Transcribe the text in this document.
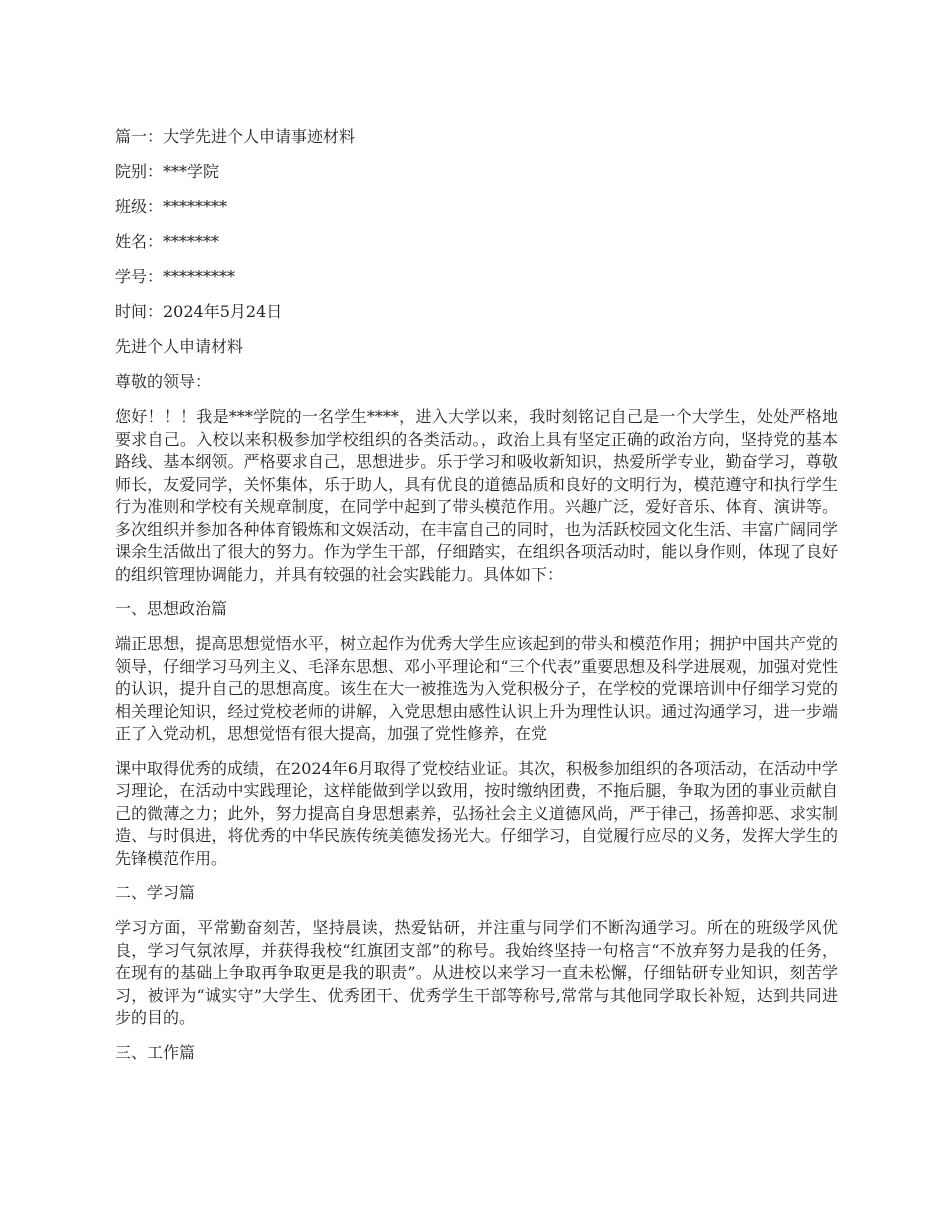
篇一：大学先进个人申请事迹材料
院别：***学院
班级：********
姓名：*******
学号：*********
时间：2024年5月24日
先进个人申请材料
尊敬的领导：
您好！！！我是***学院的一名学生****，进入大学以来，我时刻铭记自己是一个大学生，处处严格地要求自己。入校以来积极参加学校组织的各类活动。，政治上具有坚定正确的政治方向，坚持党的基本路线、基本纲领。严格要求自己，思想进步。乐于学习和吸收新知识，热爱所学专业，勤奋学习，尊敬师长，友爱同学，关怀集体，乐于助人，具有优良的道德品质和良好的文明行为，模范遵守和执行学生行为准则和学校有关规章制度，在同学中起到了带头模范作用。兴趣广泛，爱好音乐、体育、演讲等。多次组织并参加各种体育锻炼和文娱活动，在丰富自己的同时，也为活跃校园文化生活、丰富广阔同学课余生活做出了很大的努力。作为学生干部，仔细踏实，在组织各项活动时，能以身作则，体现了良好的组织管理协调能力，并具有较强的社会实践能力。具体如下：
一、思想政治篇
端正思想，提高思想觉悟水平，树立起作为优秀大学生应该起到的带头和模范作用；拥护中国共产党的领导，仔细学习马列主义、毛泽东思想、邓小平理论和“三个代表”重要思想及科学进展观，加强对党性的认识，提升自己的思想高度。该生在大一被推选为入党积极分子，在学校的党课培训中仔细学习党的相关理论知识，经过党校老师的讲解，入党思想由感性认识上升为理性认识。通过沟通学习，进一步端正了入党动机，思想觉悟有很大提高，加强了党性修养，在党
课中取得优秀的成绩，在2024年6月取得了党校结业证。其次，积极参加组织的各项活动，在活动中学习理论，在活动中实践理论，这样能做到学以致用，按时缴纳团费，不拖后腿，争取为团的事业贡献自己的微薄之力；此外，努力提高自身思想素养，弘扬社会主义道德风尚，严于律己，扬善抑恶、求实制造、与时俱进，将优秀的中华民族传统美德发扬光大。仔细学习，自觉履行应尽的义务，发挥大学生的先锋模范作用。
二、学习篇
学习方面，平常勤奋刻苦，坚持晨读，热爱钻研，并注重与同学们不断沟通学习。所在的班级学风优良，学习气氛浓厚，并获得我校“红旗团支部”的称号。我始终坚持一句格言“不放弃努力是我的任务，在现有的基础上争取再争取更是我的职责”。从进校以来学习一直未松懈，仔细钻研专业知识，刻苦学习，被评为“诚实守”大学生、优秀团干、优秀学生干部等称号,常常与其他同学取长补短，达到共同进步的目的。
三、工作篇
